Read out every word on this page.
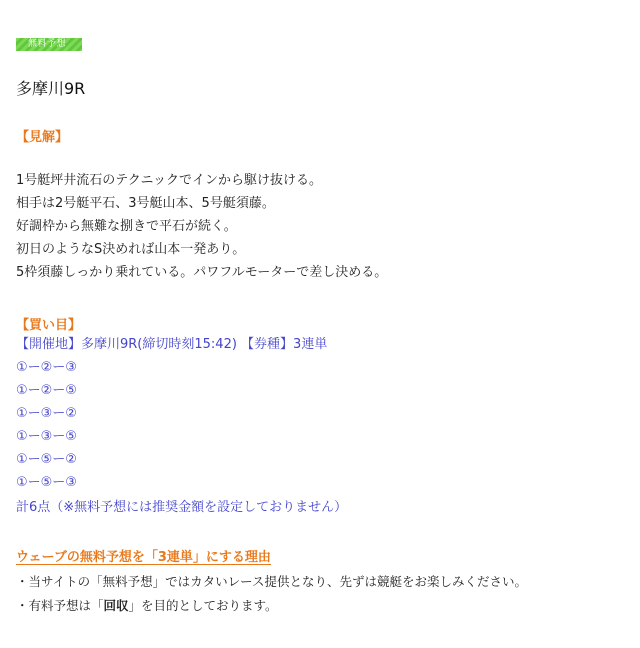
無料予想
多摩川9R
【見解】
1号艇坪井流石のテクニックでインから駆け抜ける。
相手は2号艇平石、3号艇山本、5号艇須藤。
好調枠から無難な捌きで平石が続く。
初日のようなS決めれば山本一発あり。
5枠須藤しっかり乗れている。パワフルモーターで差し決める。
【買い目】
【開催地】多摩川9R(締切時刻15:42) 【券種】3連単
①ー②ー③
①ー②ー⑤
①ー③ー②
①ー③ー⑤
①ー⑤ー②
①ー⑤ー③
計6点（※無料予想には推奨金額を設定しておりません）
ウェーブの無料予想を「3連単」にする理由
・当サイトの「無料予想」ではカタいレース提供となり、先ずは競艇をお楽しみください。
・有料予想は「回収」を目的としております。
